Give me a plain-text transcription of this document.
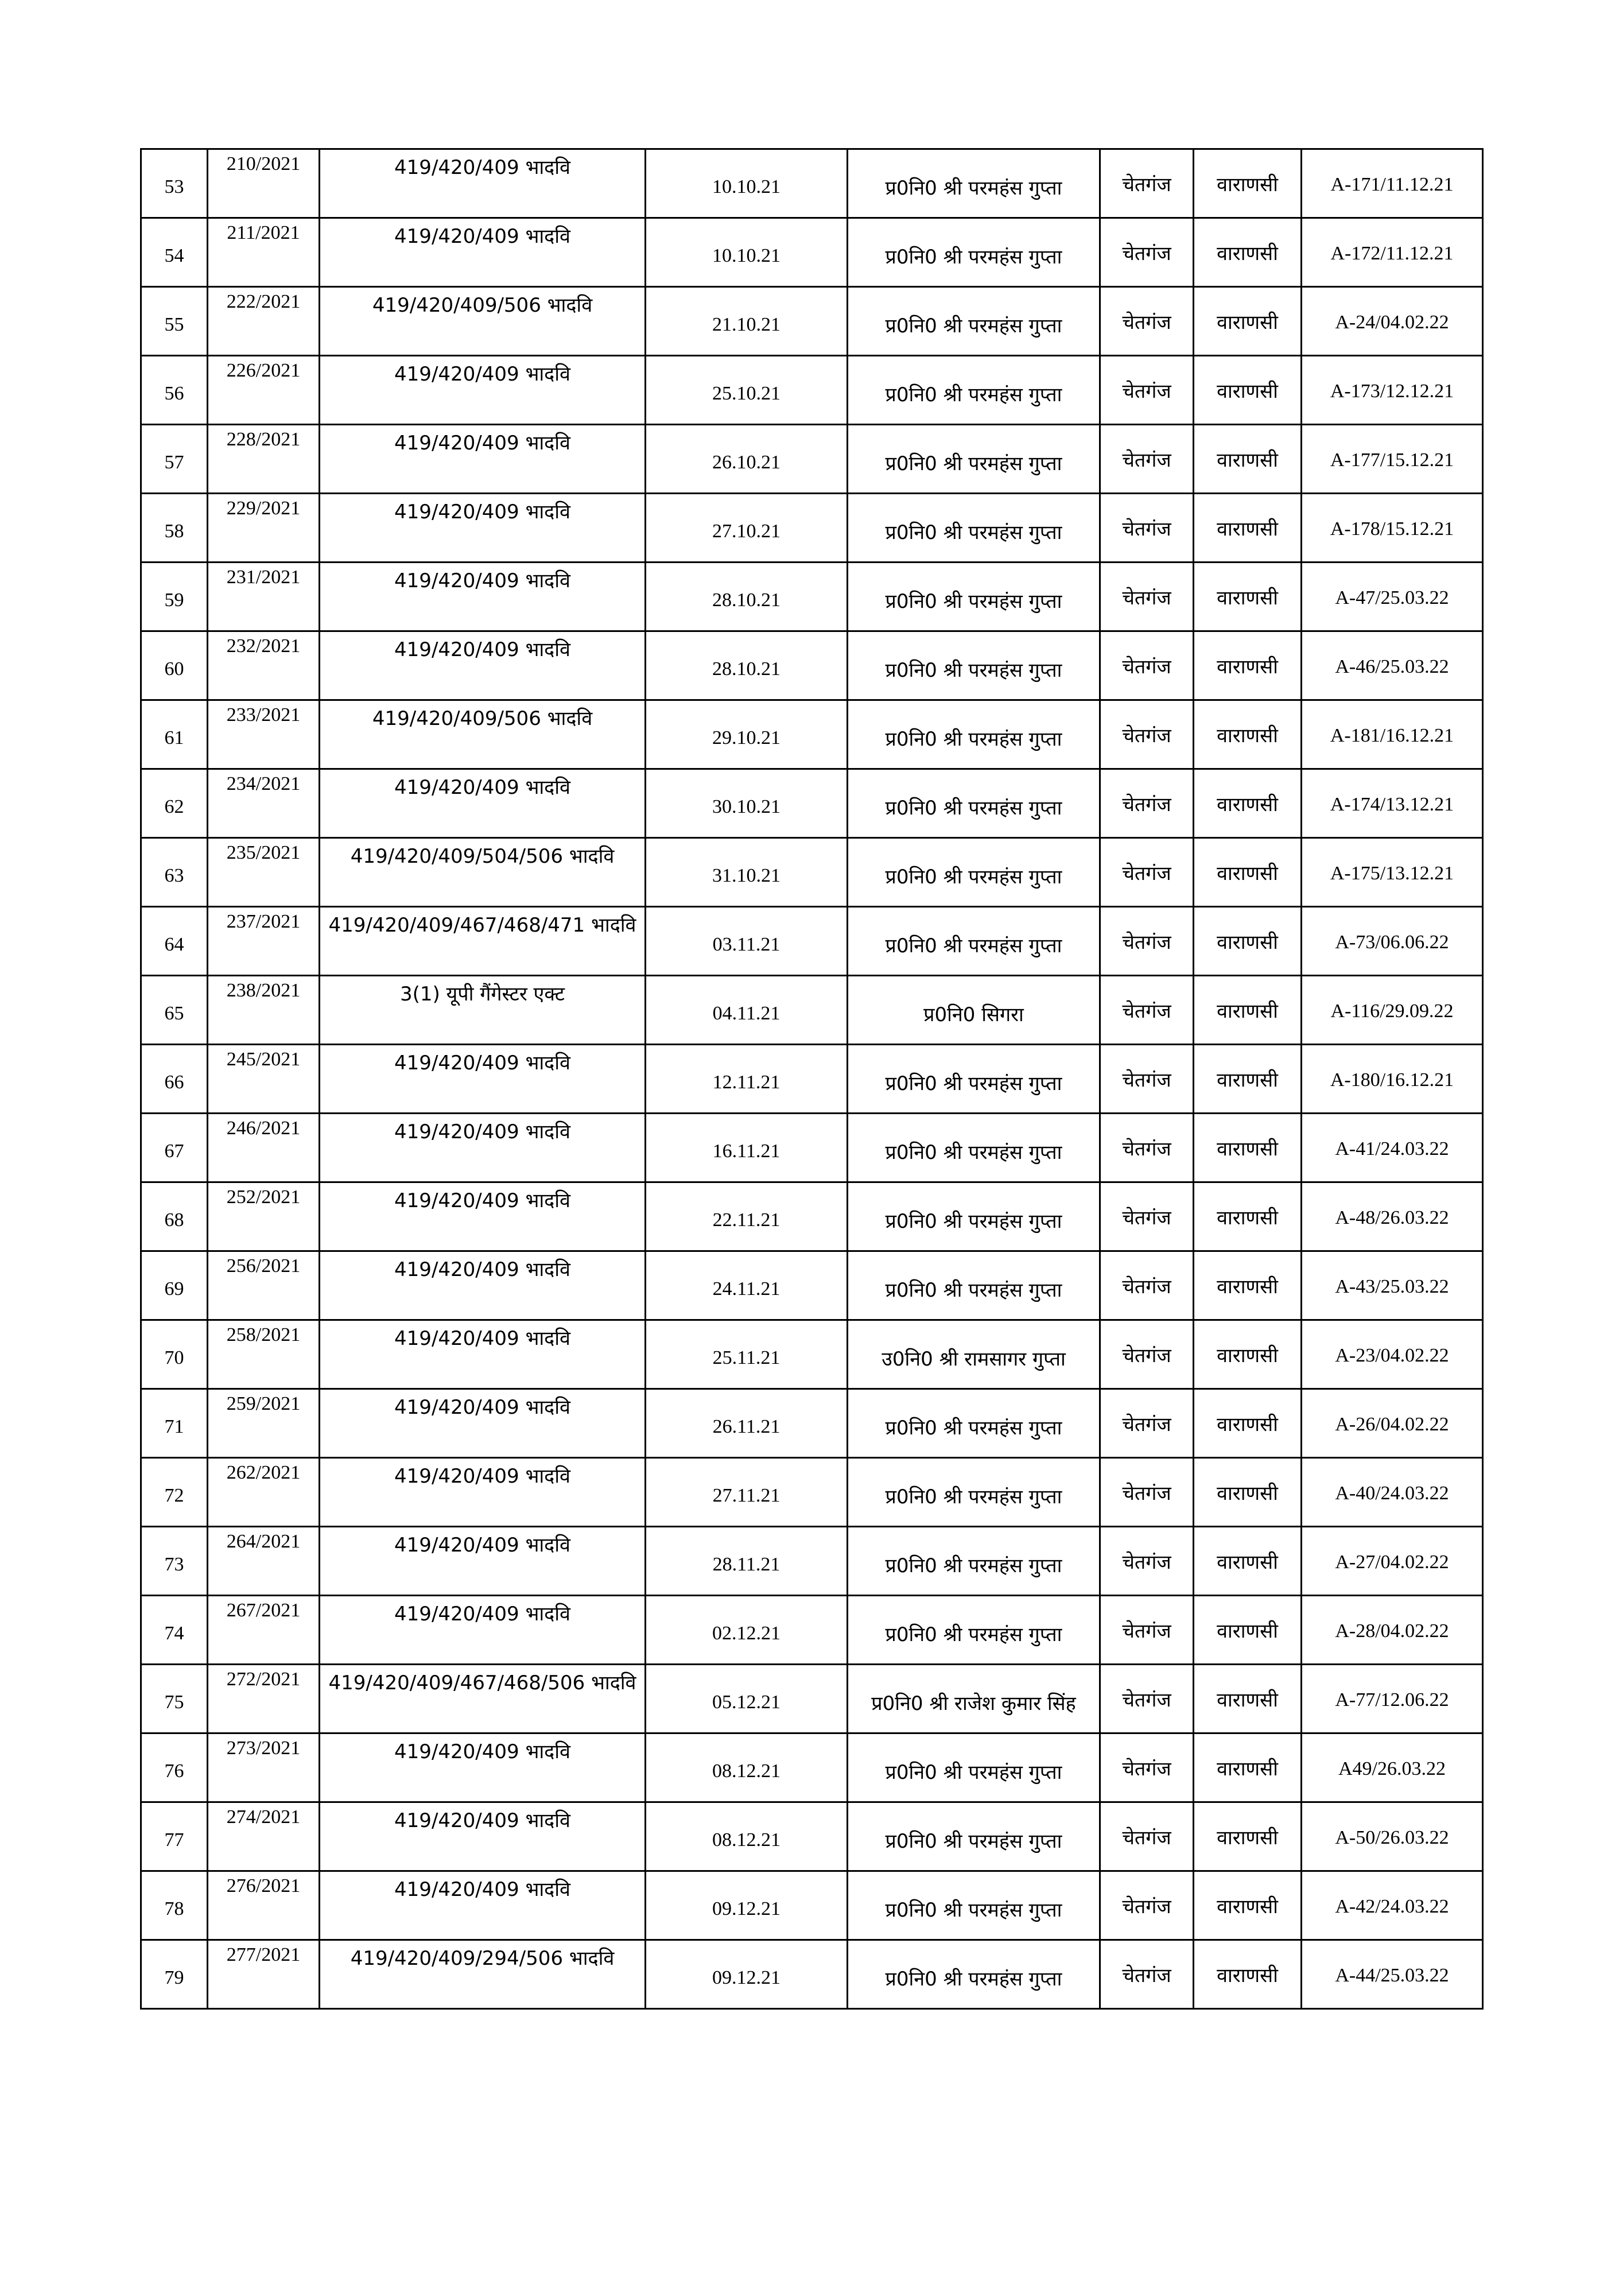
53	210/2021	419/420/409 भादवि	10.10.21	प्र0नि0 श्री परमहंस गुप्ता	चेतगंज	वाराणसी	A-171/11.12.21
54	211/2021	419/420/409 भादवि	10.10.21	प्र0नि0 श्री परमहंस गुप्ता	चेतगंज	वाराणसी	A-172/11.12.21
55	222/2021	419/420/409/506 भादवि	21.10.21	प्र0नि0 श्री परमहंस गुप्ता	चेतगंज	वाराणसी	A-24/04.02.22
56	226/2021	419/420/409 भादवि	25.10.21	प्र0नि0 श्री परमहंस गुप्ता	चेतगंज	वाराणसी	A-173/12.12.21
57	228/2021	419/420/409 भादवि	26.10.21	प्र0नि0 श्री परमहंस गुप्ता	चेतगंज	वाराणसी	A-177/15.12.21
58	229/2021	419/420/409 भादवि	27.10.21	प्र0नि0 श्री परमहंस गुप्ता	चेतगंज	वाराणसी	A-178/15.12.21
59	231/2021	419/420/409 भादवि	28.10.21	प्र0नि0 श्री परमहंस गुप्ता	चेतगंज	वाराणसी	A-47/25.03.22
60	232/2021	419/420/409 भादवि	28.10.21	प्र0नि0 श्री परमहंस गुप्ता	चेतगंज	वाराणसी	A-46/25.03.22
61	233/2021	419/420/409/506 भादवि	29.10.21	प्र0नि0 श्री परमहंस गुप्ता	चेतगंज	वाराणसी	A-181/16.12.21
62	234/2021	419/420/409 भादवि	30.10.21	प्र0नि0 श्री परमहंस गुप्ता	चेतगंज	वाराणसी	A-174/13.12.21
63	235/2021	419/420/409/504/506 भादवि	31.10.21	प्र0नि0 श्री परमहंस गुप्ता	चेतगंज	वाराणसी	A-175/13.12.21
64	237/2021	419/420/409/467/468/471 भादवि	03.11.21	प्र0नि0 श्री परमहंस गुप्ता	चेतगंज	वाराणसी	A-73/06.06.22
65	238/2021	3(1) यूपी गैंगेस्टर एक्ट	04.11.21	प्र0नि0 सिगरा	चेतगंज	वाराणसी	A-116/29.09.22
66	245/2021	419/420/409 भादवि	12.11.21	प्र0नि0 श्री परमहंस गुप्ता	चेतगंज	वाराणसी	A-180/16.12.21
67	246/2021	419/420/409 भादवि	16.11.21	प्र0नि0 श्री परमहंस गुप्ता	चेतगंज	वाराणसी	A-41/24.03.22
68	252/2021	419/420/409 भादवि	22.11.21	प्र0नि0 श्री परमहंस गुप्ता	चेतगंज	वाराणसी	A-48/26.03.22
69	256/2021	419/420/409 भादवि	24.11.21	प्र0नि0 श्री परमहंस गुप्ता	चेतगंज	वाराणसी	A-43/25.03.22
70	258/2021	419/420/409 भादवि	25.11.21	उ0नि0 श्री रामसागर गुप्ता	चेतगंज	वाराणसी	A-23/04.02.22
71	259/2021	419/420/409 भादवि	26.11.21	प्र0नि0 श्री परमहंस गुप्ता	चेतगंज	वाराणसी	A-26/04.02.22
72	262/2021	419/420/409 भादवि	27.11.21	प्र0नि0 श्री परमहंस गुप्ता	चेतगंज	वाराणसी	A-40/24.03.22
73	264/2021	419/420/409 भादवि	28.11.21	प्र0नि0 श्री परमहंस गुप्ता	चेतगंज	वाराणसी	A-27/04.02.22
74	267/2021	419/420/409 भादवि	02.12.21	प्र0नि0 श्री परमहंस गुप्ता	चेतगंज	वाराणसी	A-28/04.02.22
75	272/2021	419/420/409/467/468/506 भादवि	05.12.21	प्र0नि0 श्री राजेश कुमार सिंह	चेतगंज	वाराणसी	A-77/12.06.22
76	273/2021	419/420/409 भादवि	08.12.21	प्र0नि0 श्री परमहंस गुप्ता	चेतगंज	वाराणसी	A49/26.03.22
77	274/2021	419/420/409 भादवि	08.12.21	प्र0नि0 श्री परमहंस गुप्ता	चेतगंज	वाराणसी	A-50/26.03.22
78	276/2021	419/420/409 भादवि	09.12.21	प्र0नि0 श्री परमहंस गुप्ता	चेतगंज	वाराणसी	A-42/24.03.22
79	277/2021	419/420/409/294/506 भादवि	09.12.21	प्र0नि0 श्री परमहंस गुप्ता	चेतगंज	वाराणसी	A-44/25.03.22
